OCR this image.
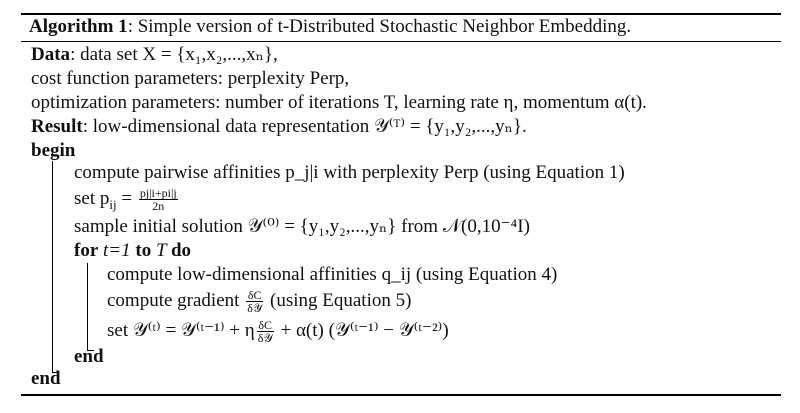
Algorithm 1: Simple version of t-Distributed Stochastic Neighbor Embedding.
Data: data set X = {x₁,x₂,...,xₙ},
cost function parameters: perplexity Perp,
optimization parameters: number of iterations T, learning rate η, momentum α(t).
Result: low-dimensional data representation 𝒴⁽ᵀ⁾ = {y₁,y₂,...,yₙ}.
begin
compute pairwise affinities p_j|i with perplexity Perp (using Equation 1)
set $p_{ij} = \frac{pj|i+pi|j}{2n}$
sample initial solution 𝒴⁽⁰⁾ = {y₁,y₂,...,yₙ} from 𝒩(0,10⁻⁴I)
for t=1 to T do
compute low-dimensional affinities q_ij (using Equation 4)
compute gradient $\frac{\delta C}{\text{δ𝒴}} (using$ Equation 5)
set 𝒴⁽ᵗ⁾ = 𝒴⁽ᵗ⁻¹⁾ + η $\frac{\delta C}{\text{δ𝒴}} + \alpha(t)$ (𝒴⁽ᵗ⁻¹⁾ − 𝒴⁽ᵗ⁻²⁾)
end
end
